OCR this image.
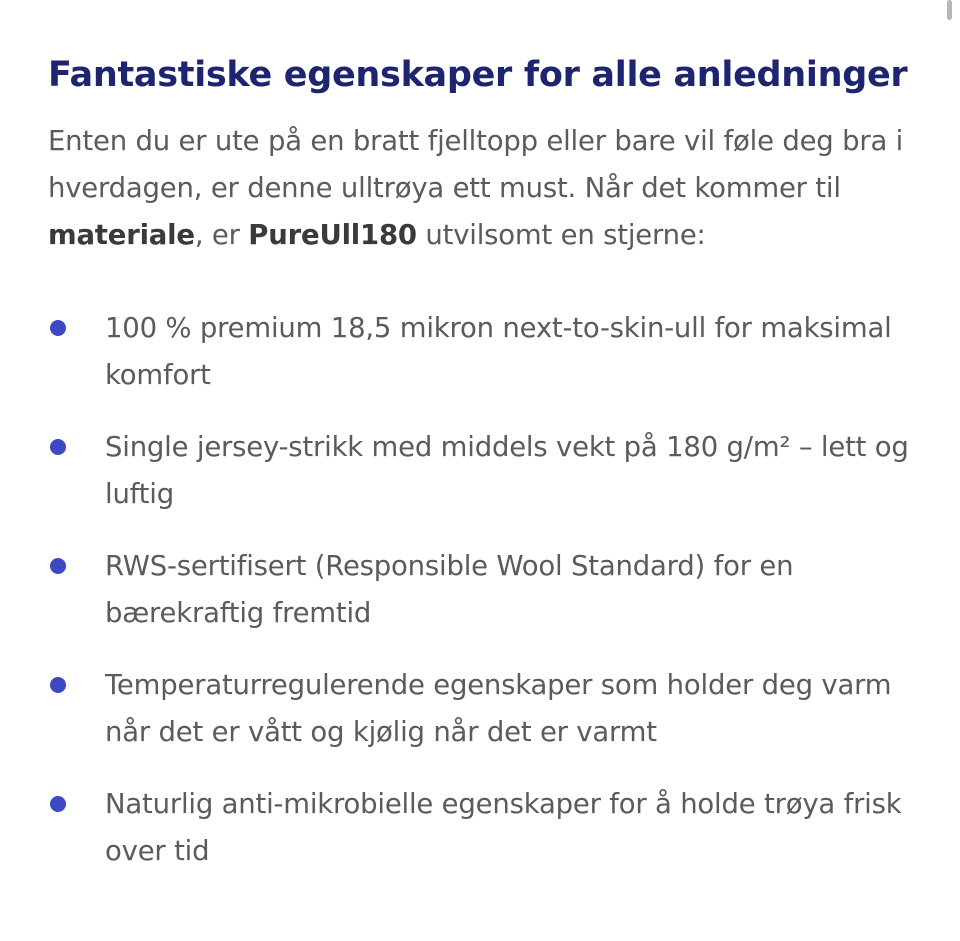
Fantastiske egenskaper for alle anledninger

Enten du er ute på en bratt fjelltopp eller bare vil føle deg bra i hverdagen, er denne ulltrøya ett must. Når det kommer til materiale, er PureUll180 utvilsomt en stjerne:

100 % premium 18,5 mikron next-to-skin-ull for maksimal komfort
Single jersey-strikk med middels vekt på 180 g/m² – lett og luftig
RWS-sertifisert (Responsible Wool Standard) for en bærekraftig fremtid
Temperaturregulerende egenskaper som holder deg varm når det er vått og kjølig når det er varmt
Naturlig anti-mikrobielle egenskaper for å holde trøya frisk over tid
